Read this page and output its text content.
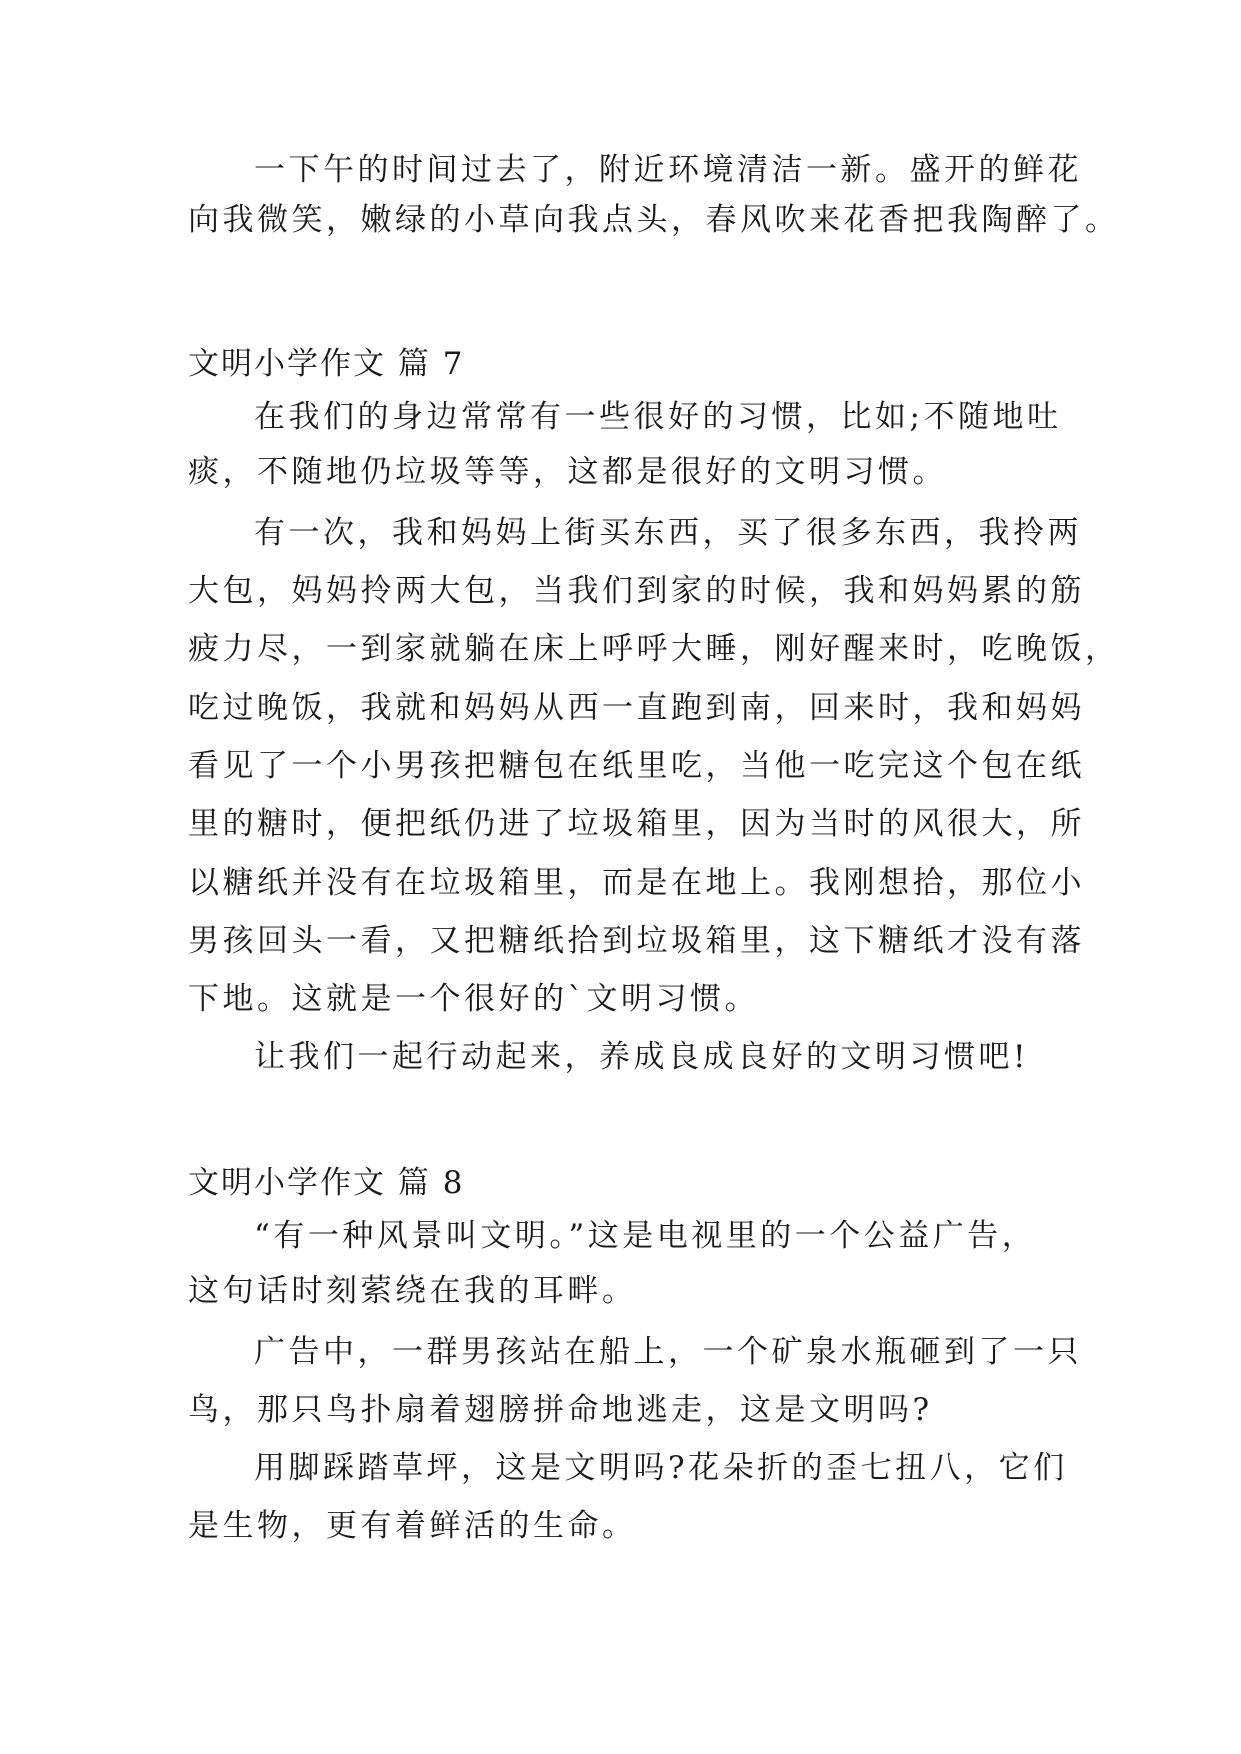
一下午的时间过去了，附近环境清洁一新。盛开的鲜花
向我微笑，嫩绿的小草向我点头，春风吹来花香把我陶醉了。
文明小学作文 篇 7
在我们的身边常常有一些很好的习惯，比如;不随地吐
痰，不随地仍垃圾等等，这都是很好的文明习惯。
有一次，我和妈妈上街买东西，买了很多东西，我拎两
大包，妈妈拎两大包，当我们到家的时候，我和妈妈累的筋
疲力尽，一到家就躺在床上呼呼大睡，刚好醒来时，吃晚饭，
吃过晚饭，我就和妈妈从西一直跑到南，回来时，我和妈妈
看见了一个小男孩把糖包在纸里吃，当他一吃完这个包在纸
里的糖时，便把纸仍进了垃圾箱里，因为当时的风很大，所
以糖纸并没有在垃圾箱里，而是在地上。我刚想拾，那位小
男孩回头一看，又把糖纸拾到垃圾箱里，这下糖纸才没有落
下地。这就是一个很好的`文明习惯。
让我们一起行动起来，养成良成良好的文明习惯吧!
文明小学作文 篇 8
“有一种风景叫文明。”这是电视里的一个公益广告，
这句话时刻萦绕在我的耳畔。
广告中，一群男孩站在船上，一个矿泉水瓶砸到了一只
鸟，那只鸟扑扇着翅膀拼命地逃走，这是文明吗?
用脚踩踏草坪，这是文明吗?花朵折的歪七扭八，它们
是生物，更有着鲜活的生命。
